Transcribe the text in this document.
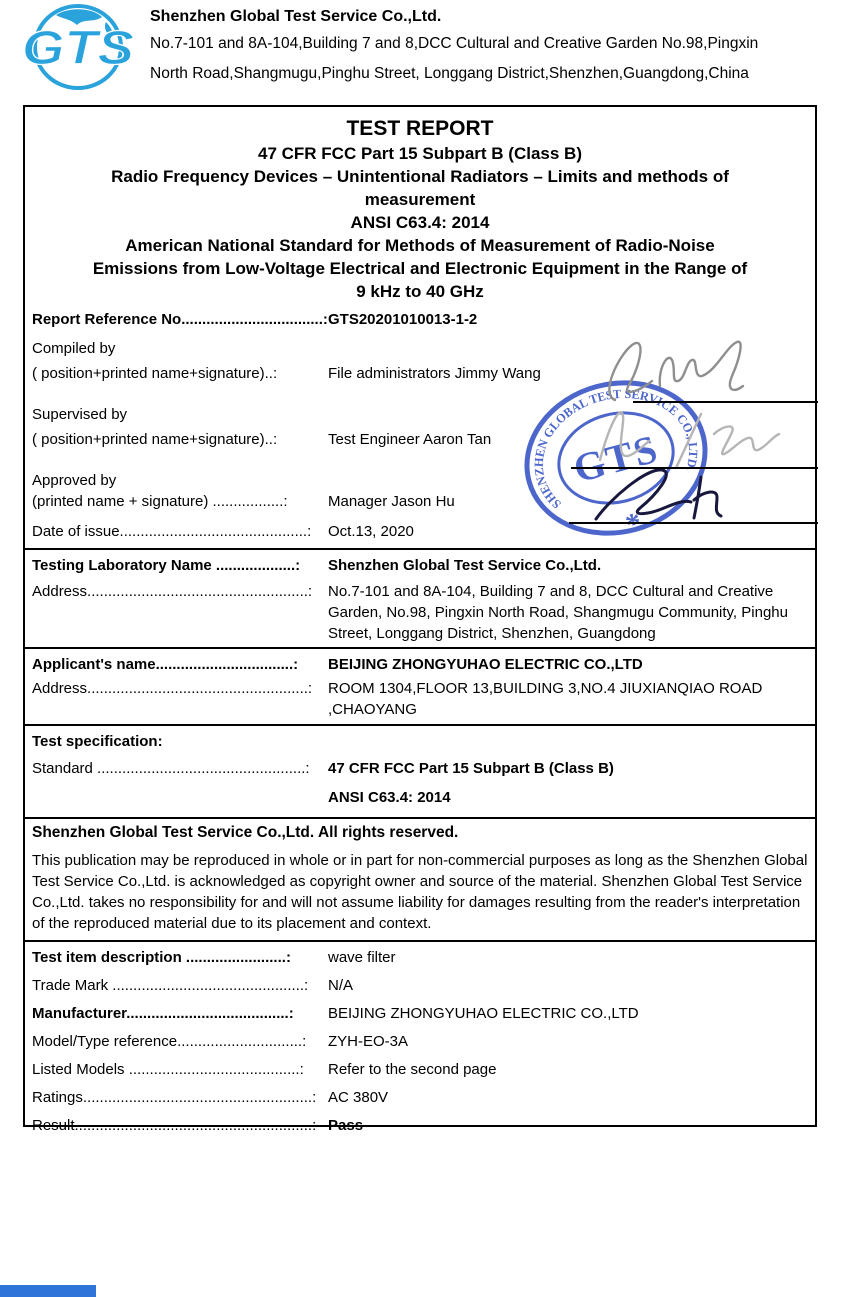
GTS

Shenzhen Global Test Service Co.,Ltd.

No.7-101 and 8A-104,Building 7 and 8,DCC Cultural and Creative Garden No.98,Pingxin

North Road,Shangmugu,Pinghu Street, Longgang District,Shenzhen,Guangdong,China

TEST REPORT
47 CFR FCC Part 15 Subpart B (Class B)
Radio Frequency Devices – Unintentional Radiators – Limits and methods of
measurement
ANSI C63.4: 2014
American National Standard for Methods of Measurement of Radio-Noise
Emissions from Low-Voltage Electrical and Electronic Equipment in the Range of
9 kHz to 40 GHz
Report Reference No..................................: GTS20201010013-1-2
Compiled by
( position+printed name+signature)..:	File administrators Jimmy Wang
Supervised by
( position+printed name+signature)..:	Test Engineer Aaron Tan
Approved by
(printed name + signature) .................:	Manager Jason Hu
Date of issue.............................................:	Oct.13, 2020
Testing Laboratory Name ...................:	Shenzhen Global Test Service Co.,Ltd.
Address.....................................................:	No.7-101 and 8A-104, Building 7 and 8, DCC Cultural and Creative Garden, No.98, Pingxin North Road, Shangmugu Community, Pinghu Street, Longgang District, Shenzhen, Guangdong
Applicant's name.................................:	BEIJING ZHONGYUHAO ELECTRIC CO.,LTD
Address.....................................................:	ROOM 1304,FLOOR 13,BUILDING 3,NO.4 JIUXIANQIAO ROAD ,CHAOYANG
Test specification:
Standard ..................................................:	47 CFR FCC Part 15 Subpart B (Class B)
ANSI C63.4: 2014
Shenzhen Global Test Service Co.,Ltd. All rights reserved.
This publication may be reproduced in whole or in part for non-commercial purposes as long as the Shenzhen Global Test Service Co.,Ltd. is acknowledged as copyright owner and source of the material. Shenzhen Global Test Service Co.,Ltd. takes no responsibility for and will not assume liability for damages resulting from the reader's interpretation of the reproduced material due to its placement and context.
Test item description ........................:	wave filter
Trade Mark ..............................................:	N/A
Manufacturer.......................................:	BEIJING ZHONGYUHAO ELECTRIC CO.,LTD
Model/Type reference..............................:	ZYH-EO-3A
Listed Models .........................................:	Refer to the second page
Ratings.......................................................: AC 380V
Result.........................................................: Pass
SHENZHEN GLOBAL TEST SERVICE CO., LTD.
GTS
*
